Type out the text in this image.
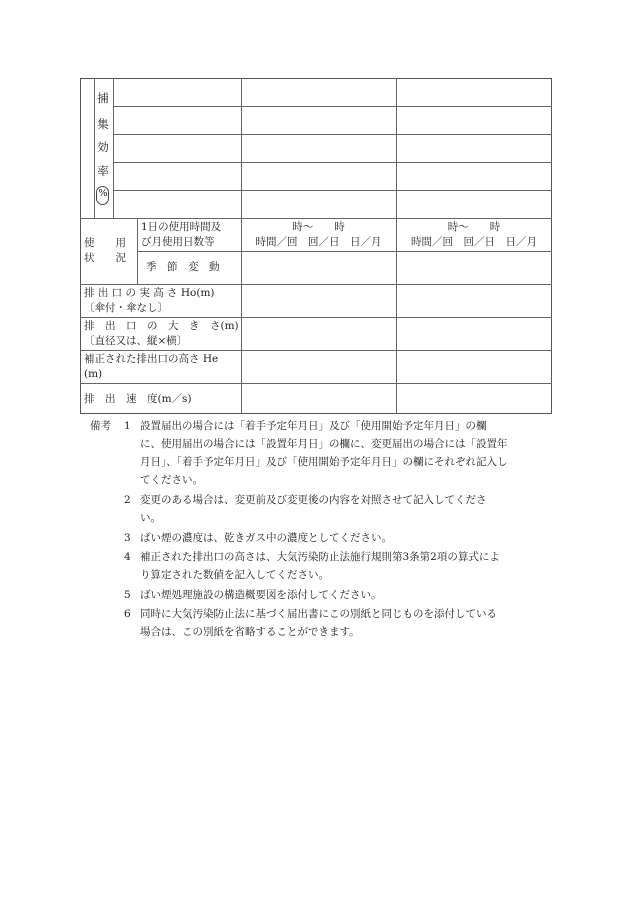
捕
集
効
率
%
使　　用
状　　況
1日の使用時間及
び月使用日数等
時～　　時
時間／回　回／日　日／月
時～　　時
時間／回　回／日　日／月
季　節　変　動
排 出 口 の 実 高 さ Ho(m)
〔傘付・傘なし〕
排　出　口　の　大　き　さ(m)
〔直径又は、縦×横〕
補正された排出口の高さ He
(m)
排　出　速　度(m／s)
備考 1 設置届出の場合には「着手予定年月日」及び「使用開始予定年月日」の欄
に、使用届出の場合には「設置年月日」の欄に、変更届出の場合には「設置年
月日」、「着手予定年月日」及び「使用開始予定年月日」の欄にそれぞれ記入し
てください。
2 変更のある場合は、変更前及び変更後の内容を対照させて記入してくださ
い。
3 ばい煙の濃度は、乾きガス中の濃度としてください。
4 補正された排出口の高さは、大気汚染防止法施行規則第3条第2項の算式によ
り算定された数値を記入してください。
5 ばい煙処理施設の構造概要図を添付してください。
6 同時に大気汚染防止法に基づく届出書にこの別紙と同じものを添付している
場合は、この別紙を省略することができます。
